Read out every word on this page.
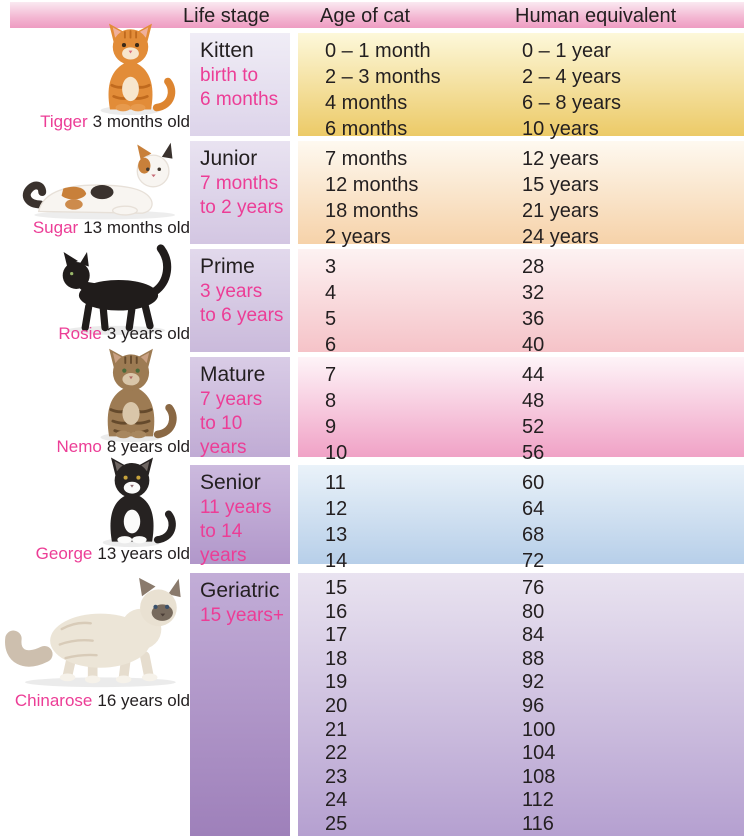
Life stage	Age of cat	Human equivalent
Tigger 3 months old
Kitten
birth to
6 months
0 – 1 month	0 – 1 year
2 – 3 months	2 – 4 years
4 months	6 – 8 years
6 months	10 years
Sugar 13 months old
Junior
7 months
to 2 years
7 months	12 years
12 months	15 years
18 months	21 years
2 years	24 years
Rosie 3 years old
Prime
3 years
to 6 years
3	28
4	32
5	36
6	40
Nemo 8 years old
Mature
7 years
to 10 years
7	44
8	48
9	52
10	56
George 13 years old
Senior
11 years
to 14 years
11	60
12	64
13	68
14	72
Chinarose 16 years old
Geriatric
15 years+
15	76
16	80
17	84
18	88
19	92
20	96
21	100
22	104
23	108
24	112
25	116
